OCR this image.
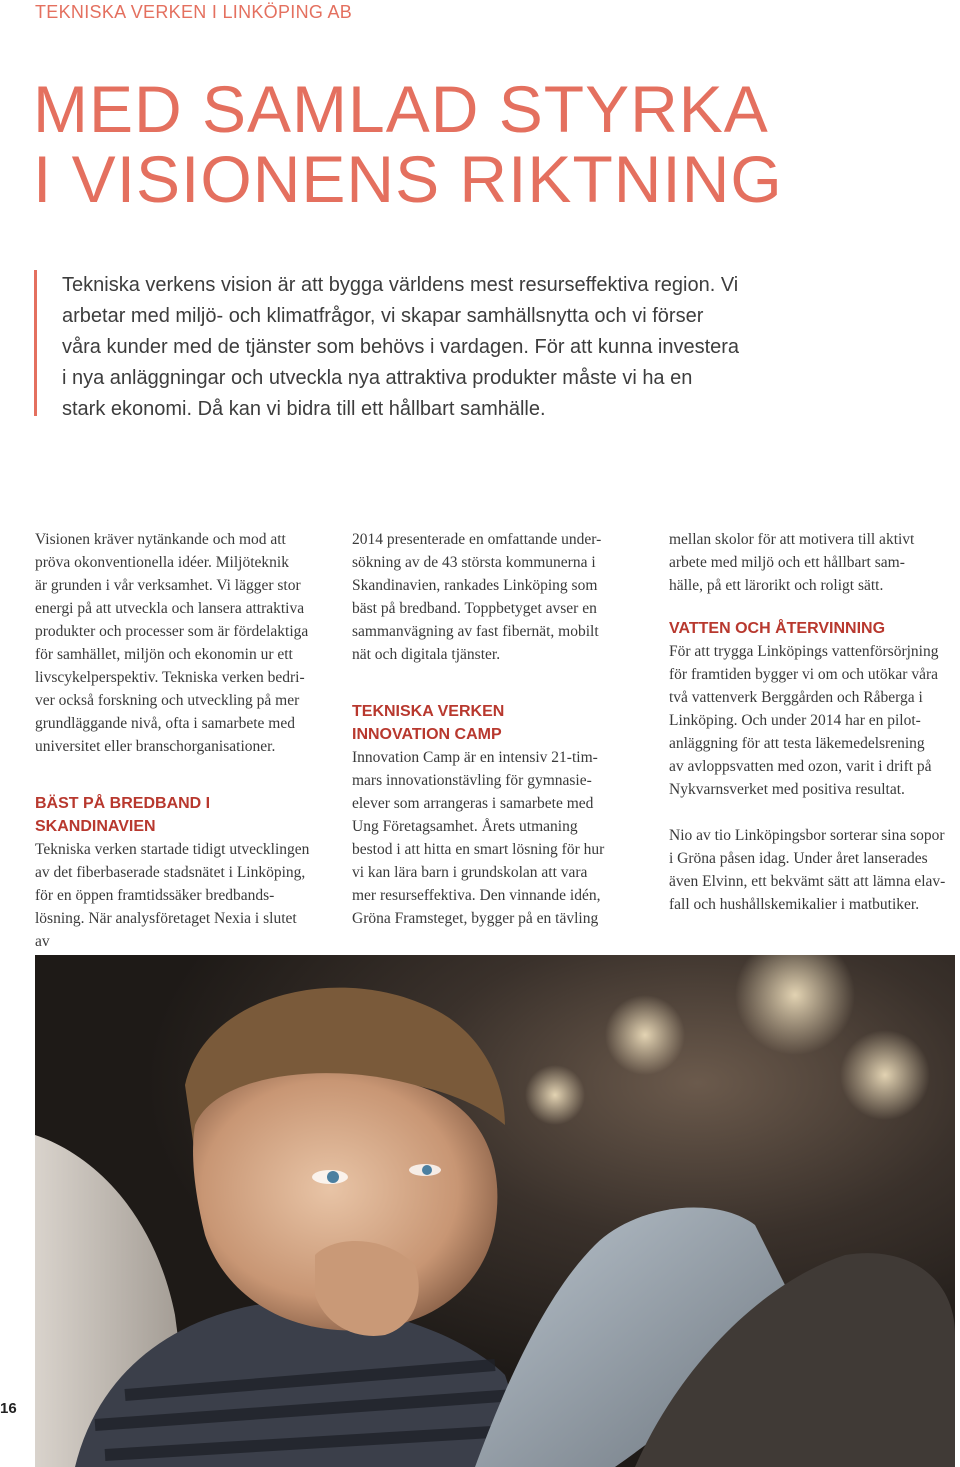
TEKNISKA VERKEN I LINKÖPING AB
MED SAMLAD STYRKA
I VISIONENS RIKTNING

Tekniska verkens vision är att bygga världens mest resurseffektiva region. Vi
arbetar med miljö- och klimatfrågor, vi skapar samhällsnytta och vi förser
våra kunder med de tjänster som behövs i vardagen. För att kunna investera
i nya anläggningar och utveckla nya attraktiva produkter måste vi ha en
stark ekonomi. Då kan vi bidra till ett hållbart samhälle.

Visionen kräver nytänkande och mod att
pröva okonventionella idéer. Miljöteknik
är grunden i vår verksamhet. Vi lägger stor
energi på att utveckla och lansera attraktiva
produkter och processer som är fördelaktiga
för samhället, miljön och ekonomin ur ett
livscykelperspektiv. Tekniska verken bedri-
ver också forskning och utveckling på mer
grundläggande nivå, ofta i samarbete med
universitet eller branschorganisationer.

BÄST PÅ BREDBAND I
SKANDINAVIEN

Tekniska verken startade tidigt utvecklingen
av det fiberbaserade stadsnätet i Linköping,
för en öppen framtidssäker bredbands-
lösning. När analysföretaget Nexia i slutet av

2014 presenterade en omfattande under-
sökning av de 43 största kommunerna i
Skandinavien, rankades Linköping som
bäst på bredband. Toppbetyget avser en
sammanvägning av fast fibernät, mobilt
nät och digitala tjänster.

TEKNISKA VERKEN
INNOVATION CAMP

Innovation Camp är en intensiv 21-tim-
mars innovationstävling för gymnasie-
elever som arrangeras i samarbete med
Ung Företagsamhet. Årets utmaning
bestod i att hitta en smart lösning för hur
vi kan lära barn i grundskolan att vara
mer resurseffektiva. Den vinnande idén,
Gröna Framsteget, bygger på en tävling

mellan skolor för att motivera till aktivt
arbete med miljö och ett hållbart sam-
hälle, på ett lärorikt och roligt sätt.

VATTEN OCH ÅTERVINNING

För att trygga Linköpings vattenförsörjning
för framtiden bygger vi om och utökar våra
två vattenverk Berggården och Råberga i
Linköping. Och under 2014 har en pilot-
anläggning för att testa läkemedelsrening
av avloppsvatten med ozon, varit i drift på
Nykvarnsverket med positiva resultat.

Nio av tio Linköpingsbor sorterar sina sopor
i Gröna påsen idag. Under året lanserades
även Elvinn, ett bekvämt sätt att lämna elav-
fall och hushållskemikalier i matbutiker.

16
